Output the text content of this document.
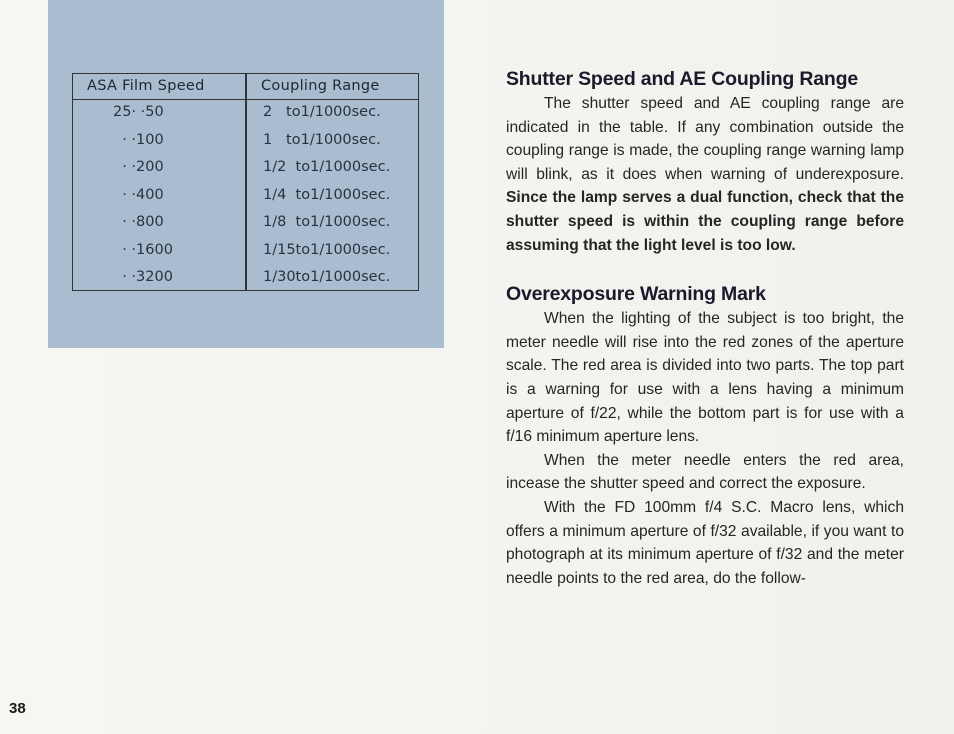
ASA Film Speed	Coupling Range
25· ·50	2   to1/1000sec.
· ·100	1   to1/1000sec.
· ·200	1/2  to1/1000sec.
· ·400	1/4  to1/1000sec.
· ·800	1/8  to1/1000sec.
· ·1600	1/15to1/1000sec.
· ·3200	1/30to1/1000sec.
Shutter Speed and AE Coupling Range

The shutter speed and AE coupling range are indicated in the table. If any combination outside the coupling range is made, the coupling range warning lamp will blink, as it does when warning of underexposure. Since the lamp serves a dual function, check that the shutter speed is within the coupling range before assuming that the light level is too low.

Overexposure Warning Mark

When the lighting of the subject is too bright, the meter needle will rise into the red zones of the aperture scale. The red area is divided into two parts. The top part is a warning for use with a lens having a minimum aperture of f/22, while the bottom part is for use with a f/16 minimum aperture lens.

When the meter needle enters the red area, incease the shutter speed and correct the exposure.

With the FD 100mm f/4 S.C. Macro lens, which offers a minimum aperture of f/32 available, if you want to photograph at its minimum aperture of f/32 and the meter needle points to the red area, do the follow-

38
